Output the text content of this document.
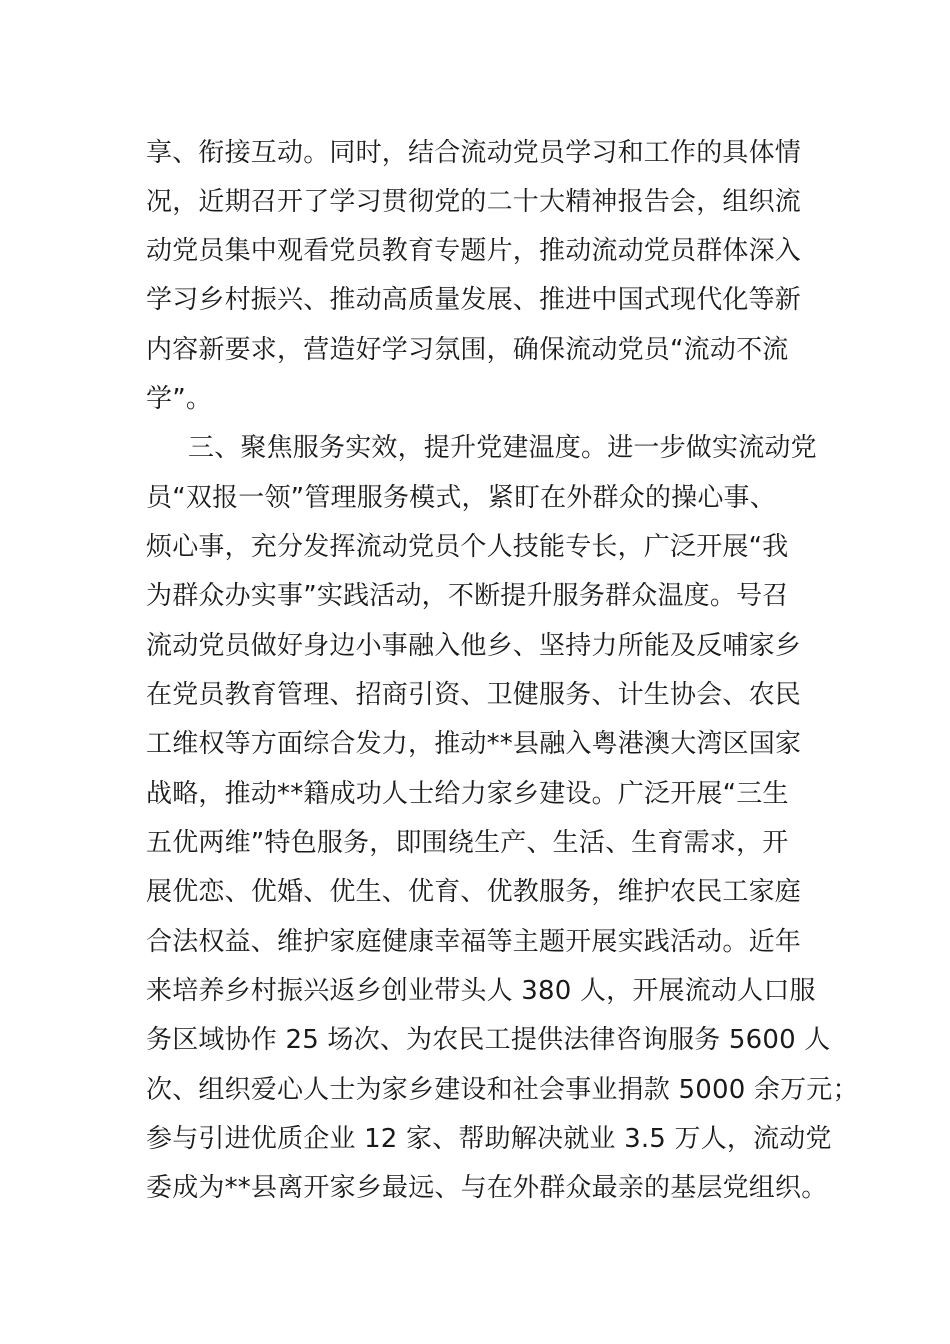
享、衔接互动。同时，结合流动党员学习和工作的具体情
况，近期召开了学习贯彻党的二十大精神报告会，组织流
动党员集中观看党员教育专题片，推动流动党员群体深入
学习乡村振兴、推动高质量发展、推进中国式现代化等新
内容新要求，营造好学习氛围，确保流动党员“流动不流
学”。
三、聚焦服务实效，提升党建温度。进一步做实流动党
员“双报一领”管理服务模式，紧盯在外群众的操心事、
烦心事，充分发挥流动党员个人技能专长，广泛开展“我
为群众办实事”实践活动，不断提升服务群众温度。号召
流动党员做好身边小事融入他乡、坚持力所能及反哺家乡
在党员教育管理、招商引资、卫健服务、计生协会、农民
工维权等方面综合发力，推动**县融入粤港澳大湾区国家
战略，推动**籍成功人士给力家乡建设。广泛开展“三生
五优两维”特色服务，即围绕生产、生活、生育需求，开
展优恋、优婚、优生、优育、优教服务，维护农民工家庭
合法权益、维护家庭健康幸福等主题开展实践活动。近年
来培养乡村振兴返乡创业带头人 380 人，开展流动人口服
务区域协作 25 场次、为农民工提供法律咨询服务 5600 人
次、组织爱心人士为家乡建设和社会事业捐款 5000 余万元；
参与引进优质企业 12 家、帮助解决就业 3.5 万人，流动党
委成为**县离开家乡最远、与在外群众最亲的基层党组织。
